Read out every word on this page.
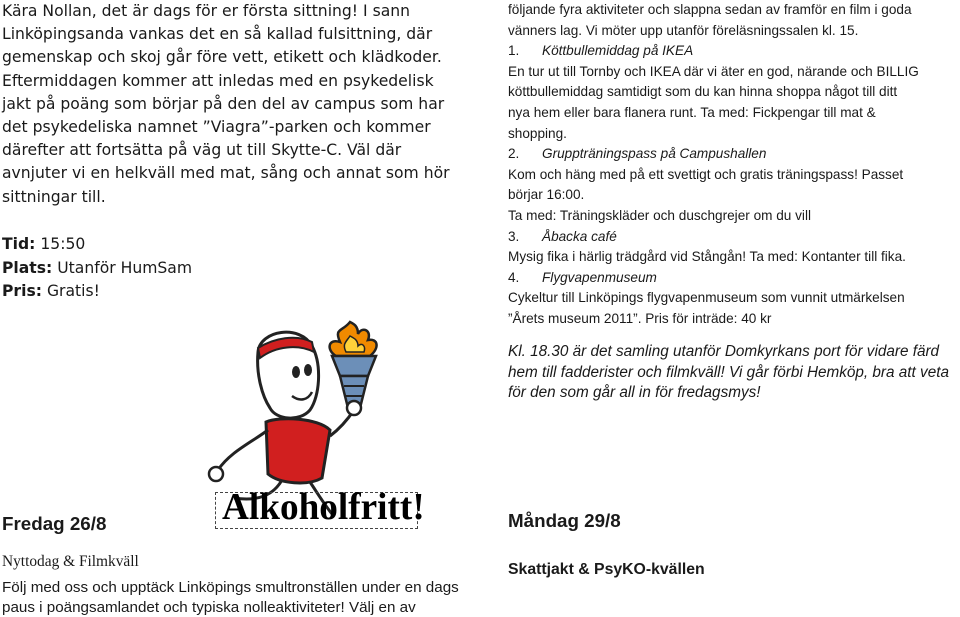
Kära Nollan, det är dags för er första sittning! I sann Linköpingsanda vankas det en så kallad fulsittning, där gemenskap och skoj går före vett, etikett och klädkoder. Eftermiddagen kommer att inledas med en psykedelisk jakt på poäng som börjar på den del av campus som har det psykedeliska namnet ”Viagra”-parken och kommer därefter att fortsätta på väg ut till Skytte-C. Väl där avnjuter vi en helkväll med mat, sång och annat som hör sittningar till.

Tid: 15:50
Plats: Utanför HumSam
Pris: Gratis!
Alkoholfritt!
följande fyra aktiviteter och slappna sedan av framför en film i goda
vänners lag. Vi möter upp utanför föreläsningssalen kl. 15.
1. Köttbullemiddag på IKEA
En tur ut till Tornby och IKEA där vi äter en god, närande och BILLIG
köttbullemiddag samtidigt som du kan hinna shoppa något till ditt
nya hem eller bara flanera runt. Ta med: Fickpengar till mat &
shopping.
2. Gruppträningspass på Campushallen
Kom och häng med på ett svettigt och gratis träningspass! Passet
börjar 16:00.
Ta med: Träningskläder och duschgrejer om du vill
3. Åbacka café
Mysig fika i härlig trädgård vid Stångån! Ta med: Kontanter till fika.
4. Flygvapenmuseum
Cykeltur till Linköpings flygvapenmuseum som vunnit utmärkelsen
”Årets museum 2011”. Pris för inträde: 40 kr
Kl. 18.30 är det samling utanför Domkyrkans port för vidare färd
hem till fadderister och filmkväll! Vi går förbi Hemköp, bra att veta
för den som går all in för fredagsmys!
Fredag 26/8
Nyttodag & Filmkväll
Följ med oss och upptäck Linköpings smultronställen under en dags
paus i poängsamlandet och typiska nolleaktiviteter! Välj en av
Måndag 29/8
Skattjakt & PsyKO-kvällen
